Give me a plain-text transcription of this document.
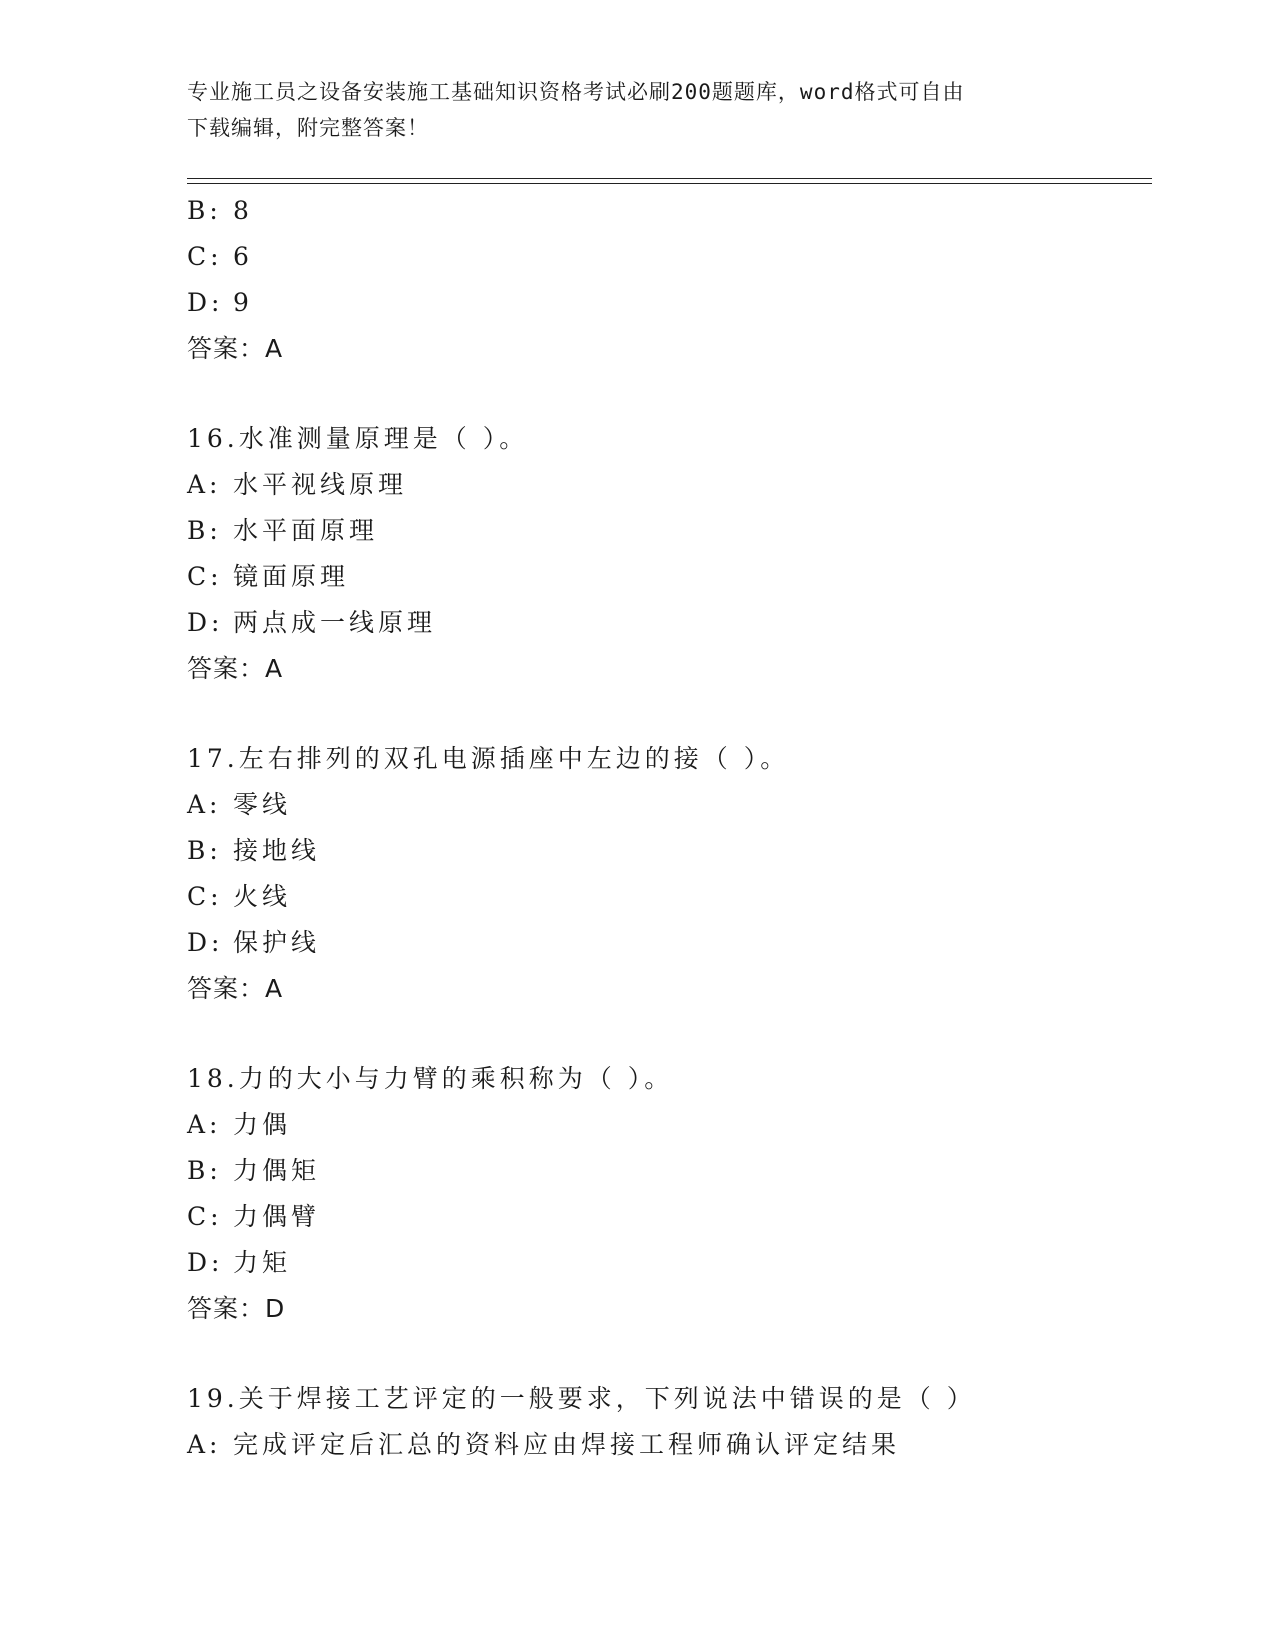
专业施工员之设备安装施工基础知识资格考试必刷200题题库，word格式可自由
下载编辑，附完整答案！
B: 8
C: 6
D: 9
答案：A
16.水准测量原理是（ ）。
A: 水平视线原理
B: 水平面原理
C: 镜面原理
D: 两点成一线原理
答案：A
17.左右排列的双孔电源插座中左边的接（ ）。
A: 零线
B: 接地线
C: 火线
D: 保护线
答案：A
18.力的大小与力臂的乘积称为（ ）。
A: 力偶
B: 力偶矩
C: 力偶臂
D: 力矩
答案：D
19.关于焊接工艺评定的一般要求，下列说法中错误的是（ ）
A: 完成评定后汇总的资料应由焊接工程师确认评定结果
